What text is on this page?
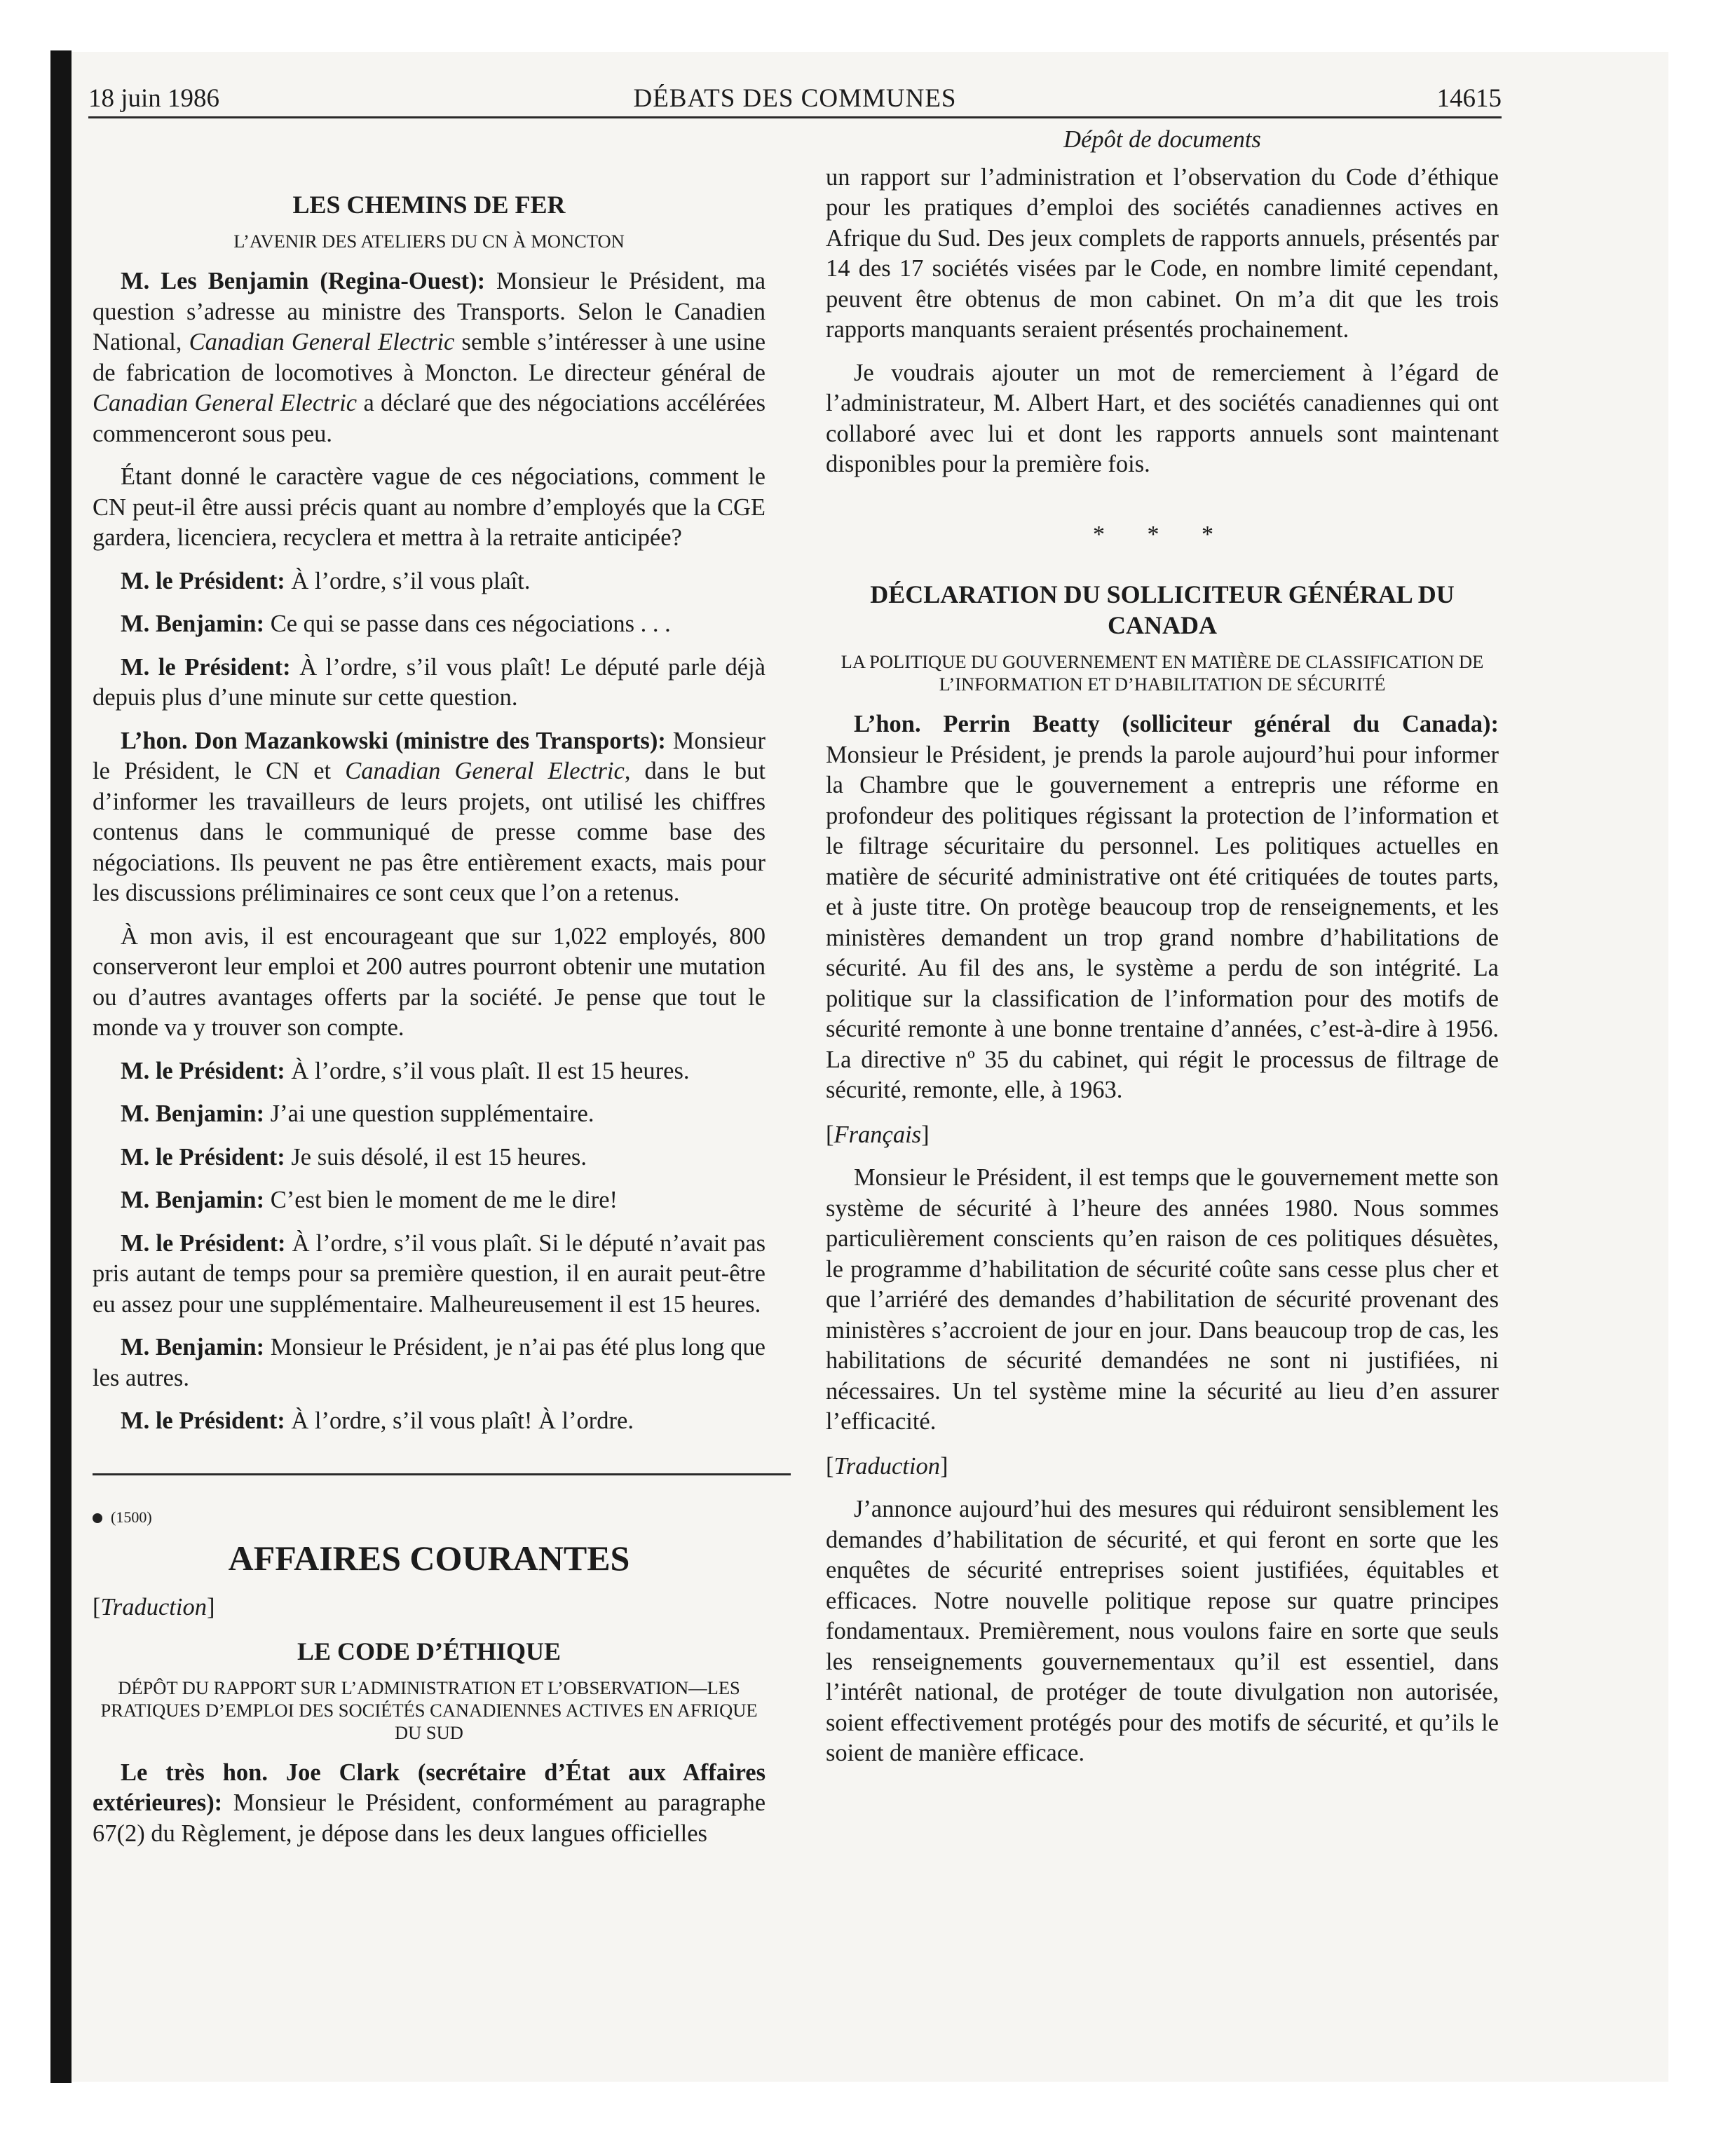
DÉBATS DES COMMUNES
18 juin 1986	14615
LES CHEMINS DE FER
L’AVENIR DES ATELIERS DU CN À MONCTON

M. Les Benjamin (Regina-Ouest): Monsieur le Président, ma question s’adresse au ministre des Transports. Selon le Canadien National, Canadian General Electric semble s’intéresser à une usine de fabrication de locomotives à Moncton. Le directeur général de Canadian General Electric a déclaré que des négociations accélérées commenceront sous peu.

Étant donné le caractère vague de ces négociations, comment le CN peut-il être aussi précis quant au nombre d’employés que la CGE gardera, licenciera, recyclera et mettra à la retraite anticipée?

M. le Président: À l’ordre, s’il vous plaît.

M. Benjamin: Ce qui se passe dans ces négociations . . .

M. le Président: À l’ordre, s’il vous plaît! Le député parle déjà depuis plus d’une minute sur cette question.

L’hon. Don Mazankowski (ministre des Transports): Monsieur le Président, le CN et Canadian General Electric, dans le but d’informer les travailleurs de leurs projets, ont utilisé les chiffres contenus dans le communiqué de presse comme base des négociations. Ils peuvent ne pas être entièrement exacts, mais pour les discussions préliminaires ce sont ceux que l’on a retenus.

À mon avis, il est encourageant que sur 1,022 employés, 800 conserveront leur emploi et 200 autres pourront obtenir une mutation ou d’autres avantages offerts par la société. Je pense que tout le monde va y trouver son compte.

M. le Président: À l’ordre, s’il vous plaît. Il est 15 heures.

M. Benjamin: J’ai une question supplémentaire.

M. le Président: Je suis désolé, il est 15 heures.

M. Benjamin: C’est bien le moment de me le dire!

M. le Président: À l’ordre, s’il vous plaît. Si le député n’avait pas pris autant de temps pour sa première question, il en aurait peut-être eu assez pour une supplémentaire. Malheureusement il est 15 heures.

M. Benjamin: Monsieur le Président, je n’ai pas été plus long que les autres.

M. le Président: À l’ordre, s’il vous plaît! À l’ordre.

(1500)
AFFAIRES COURANTES
[Traduction]
LE CODE D’ÉTHIQUE
DÉPÔT DU RAPPORT SUR L’ADMINISTRATION ET L’OBSERVATION—LES PRATIQUES D’EMPLOI DES SOCIÉTÉS CANADIENNES ACTIVES EN AFRIQUE DU SUD

Le très hon. Joe Clark (secrétaire d’État aux Affaires extérieures): Monsieur le Président, conformément au paragraphe 67(2) du Règlement, je dépose dans les deux langues officielles

Dépôt de documents

un rapport sur l’administration et l’observation du Code d’éthique pour les pratiques d’emploi des sociétés canadiennes actives en Afrique du Sud. Des jeux complets de rapports annuels, présentés par 14 des 17 sociétés visées par le Code, en nombre limité cependant, peuvent être obtenus de mon cabinet. On m’a dit que les trois rapports manquants seraient présentés prochainement.

Je voudrais ajouter un mot de remerciement à l’égard de l’administrateur, M. Albert Hart, et des sociétés canadiennes qui ont collaboré avec lui et dont les rapports annuels sont maintenant disponibles pour la première fois.

* * *
DÉCLARATION DU SOLLICITEUR GÉNÉRAL DU CANADA
LA POLITIQUE DU GOUVERNEMENT EN MATIÈRE DE CLASSIFICATION DE L’INFORMATION ET D’HABILITATION DE SÉCURITÉ

L’hon. Perrin Beatty (solliciteur général du Canada): Monsieur le Président, je prends la parole aujourd’hui pour informer la Chambre que le gouvernement a entrepris une réforme en profondeur des politiques régissant la protection de l’information et le filtrage sécuritaire du personnel. Les politiques actuelles en matière de sécurité administrative ont été critiquées de toutes parts, et à juste titre. On protège beaucoup trop de renseignements, et les ministères demandent un trop grand nombre d’habilitations de sécurité. Au fil des ans, le système a perdu de son intégrité. La politique sur la classification de l’information pour des motifs de sécurité remonte à une bonne trentaine d’années, c’est-à-dire à 1956. La directive nº 35 du cabinet, qui régit le processus de filtrage de sécurité, remonte, elle, à 1963.

[Français]

Monsieur le Président, il est temps que le gouvernement mette son système de sécurité à l’heure des années 1980. Nous sommes particulièrement conscients qu’en raison de ces politiques désuètes, le programme d’habilitation de sécurité coûte sans cesse plus cher et que l’arriéré des demandes d’habilitation de sécurité provenant des ministères s’accroient de jour en jour. Dans beaucoup trop de cas, les habilitations de sécurité demandées ne sont ni justifiées, ni nécessaires. Un tel système mine la sécurité au lieu d’en assurer l’efficacité.

[Traduction]

J’annonce aujourd’hui des mesures qui réduiront sensiblement les demandes d’habilitation de sécurité, et qui feront en sorte que les enquêtes de sécurité entreprises soient justifiées, équitables et efficaces. Notre nouvelle politique repose sur quatre principes fondamentaux. Premièrement, nous voulons faire en sorte que seuls les renseignements gouvernementaux qu’il est essentiel, dans l’intérêt national, de protéger de toute divulgation non autorisée, soient effectivement protégés pour des motifs de sécurité, et qu’ils le soient de manière efficace.
